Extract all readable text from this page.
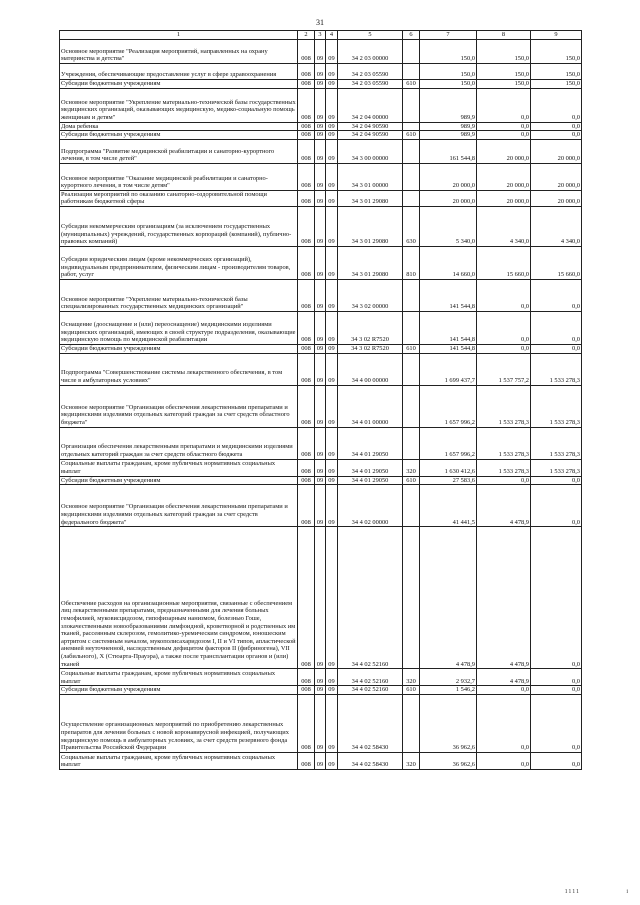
31
1	2	3	4	5	6	7	8	9
Основное мероприятие "Реализация мероприятий, направленных на охрану материнства и детства"	008	09	09	34 2 03 00000		150,0	150,0	150,0
Учреждения, обеспечивающие предоставление услуг в сфере здравоохранения	008	09	09	34 2 03 05590		150,0	150,0	150,0
Субсидии бюджетным учреждениям	008	09	09	34 2 03 05590	610	150,0	150,0	150,0
Основное мероприятие "Укрепление материально-технической базы государственных медицинских организаций, оказывающих медицинскую, медико-социальную помощь женщинам и детям"	008	09	09	34 2 04 00000		989,9	0,0	0,0
Дома ребенка	008	09	09	34 2 04 90590		989,9	0,0	0,0
Субсидии бюджетным учреждениям	008	09	09	34 2 04 90590	610	989,9	0,0	0,0
Подпрограмма "Развитие медицинской реабилитации и санаторно-курортного лечения, в том числе детей"	008	09	09	34 3 00 00000		161 544,8	20 000,0	20 000,0
Основное мероприятие "Оказание медицинской реабилитации и санаторно-курортного лечения, в том числе детям"	008	09	09	34 3 01 00000		20 000,0	20 000,0	20 000,0
Реализация мероприятий по оказанию санаторно-оздоровительной помощи работникам бюджетной сферы	008	09	09	34 3 01 29080		20 000,0	20 000,0	20 000,0
Субсидии некоммерческим организациям (за исключением государственных (муниципальных) учреждений, государственных корпораций (компаний), публично-правовых компаний)	008	09	09	34 3 01 29080	630	5 340,0	4 340,0	4 340,0
Субсидии юридическим лицам (кроме некоммерческих организаций), индивидуальным предпринимателям, физическим лицам - производителям товаров, работ, услуг	008	09	09	34 3 01 29080	810	14 660,0	15 660,0	15 660,0
Основное мероприятие "Укрепление материально-технической базы специализированных государственных медицинских организаций"	008	09	09	34 3 02 00000		141 544,8	0,0	0,0
Оснащение (дооснащение и (или) переоснащение) медицинскими изделиями медицинских организаций, имеющих в своей структуре подразделения, оказывающие медицинскую помощь по медицинской реабилитации	008	09	09	34 3 02 R7520		141 544,8	0,0	0,0
Субсидии бюджетным учреждениям	008	09	09	34 3 02 R7520	610	141 544,8	0,0	0,0
Подпрограмма "Совершенствование системы лекарственного обеспечения, в том числе в амбулаторных условиях"	008	09	09	34 4 00 00000		1 699 437,7	1 537 757,2	1 533 278,3
Основное мероприятие "Организация обеспечения лекарственными препаратами и медицинскими изделиями отдельных категорий граждан за счет средств областного бюджета"	008	09	09	34 4 01 00000		1 657 996,2	1 533 278,3	1 533 278,3
Организация обеспечения лекарственными препаратами и медицинскими изделиями отдельных категорий граждан за счет средств областного бюджета	008	09	09	34 4 01 29050		1 657 996,2	1 533 278,3	1 533 278,3
Социальные выплаты гражданам, кроме публичных нормативных социальных выплат	008	09	09	34 4 01 29050	320	1 630 412,6	1 533 278,3	1 533 278,3
Субсидии бюджетным учреждениям	008	09	09	34 4 01 29050	610	27 583,6	0,0	0,0
Основное мероприятие "Организация обеспечения лекарственными препаратами и медицинскими изделиями отдельных категорий граждан за счет средств федерального бюджета"	008	09	09	34 4 02 00000		41 441,5	4 478,9	0,0
Обеспечение расходов на организационные мероприятия, связанные с обеспечением лиц лекарственными препаратами, предназначенными для лечения больных гемофилией, муковисцидозом, гипофизарным нанизмом, болезнью Гоше, злокачественными новообразованиями лимфоидной, кроветворной и родственных им тканей, рассеянным склерозом, гемолитико-уремическим синдромом, юношеским артритом с системным началом, мукополисахаридозом I, II и VI типов, апластической анемией неуточненной, наследственным дефицитом факторов II (фибриногена), VII (лабильного), X (Стюарта-Прауэра), а также после трансплантации органов и (или) тканей	008	09	09	34 4 02 52160		4 478,9	4 478,9	0,0
Социальные выплаты гражданам, кроме публичных нормативных социальных выплат	008	09	09	34 4 02 52160	320	2 932,7	4 478,9	0,0
Субсидии бюджетным учреждениям	008	09	09	34 4 02 52160	610	1 546,2	0,0	0,0
Осуществление организационных мероприятий по приобретению лекарственных препаратов для лечения больных с новой коронавирусной инфекцией, получающих медицинскую помощь в амбулаторных условиях, за счет средств резервного фонда Правительства Российской Федерации	008	09	09	34 4 02 58430		36 962,6	0,0	0,0
Социальные выплаты гражданам, кроме публичных нормативных социальных выплат	008	09	09	34 4 02 58430	320	36 962,6	0,0	0,0
1111	i
